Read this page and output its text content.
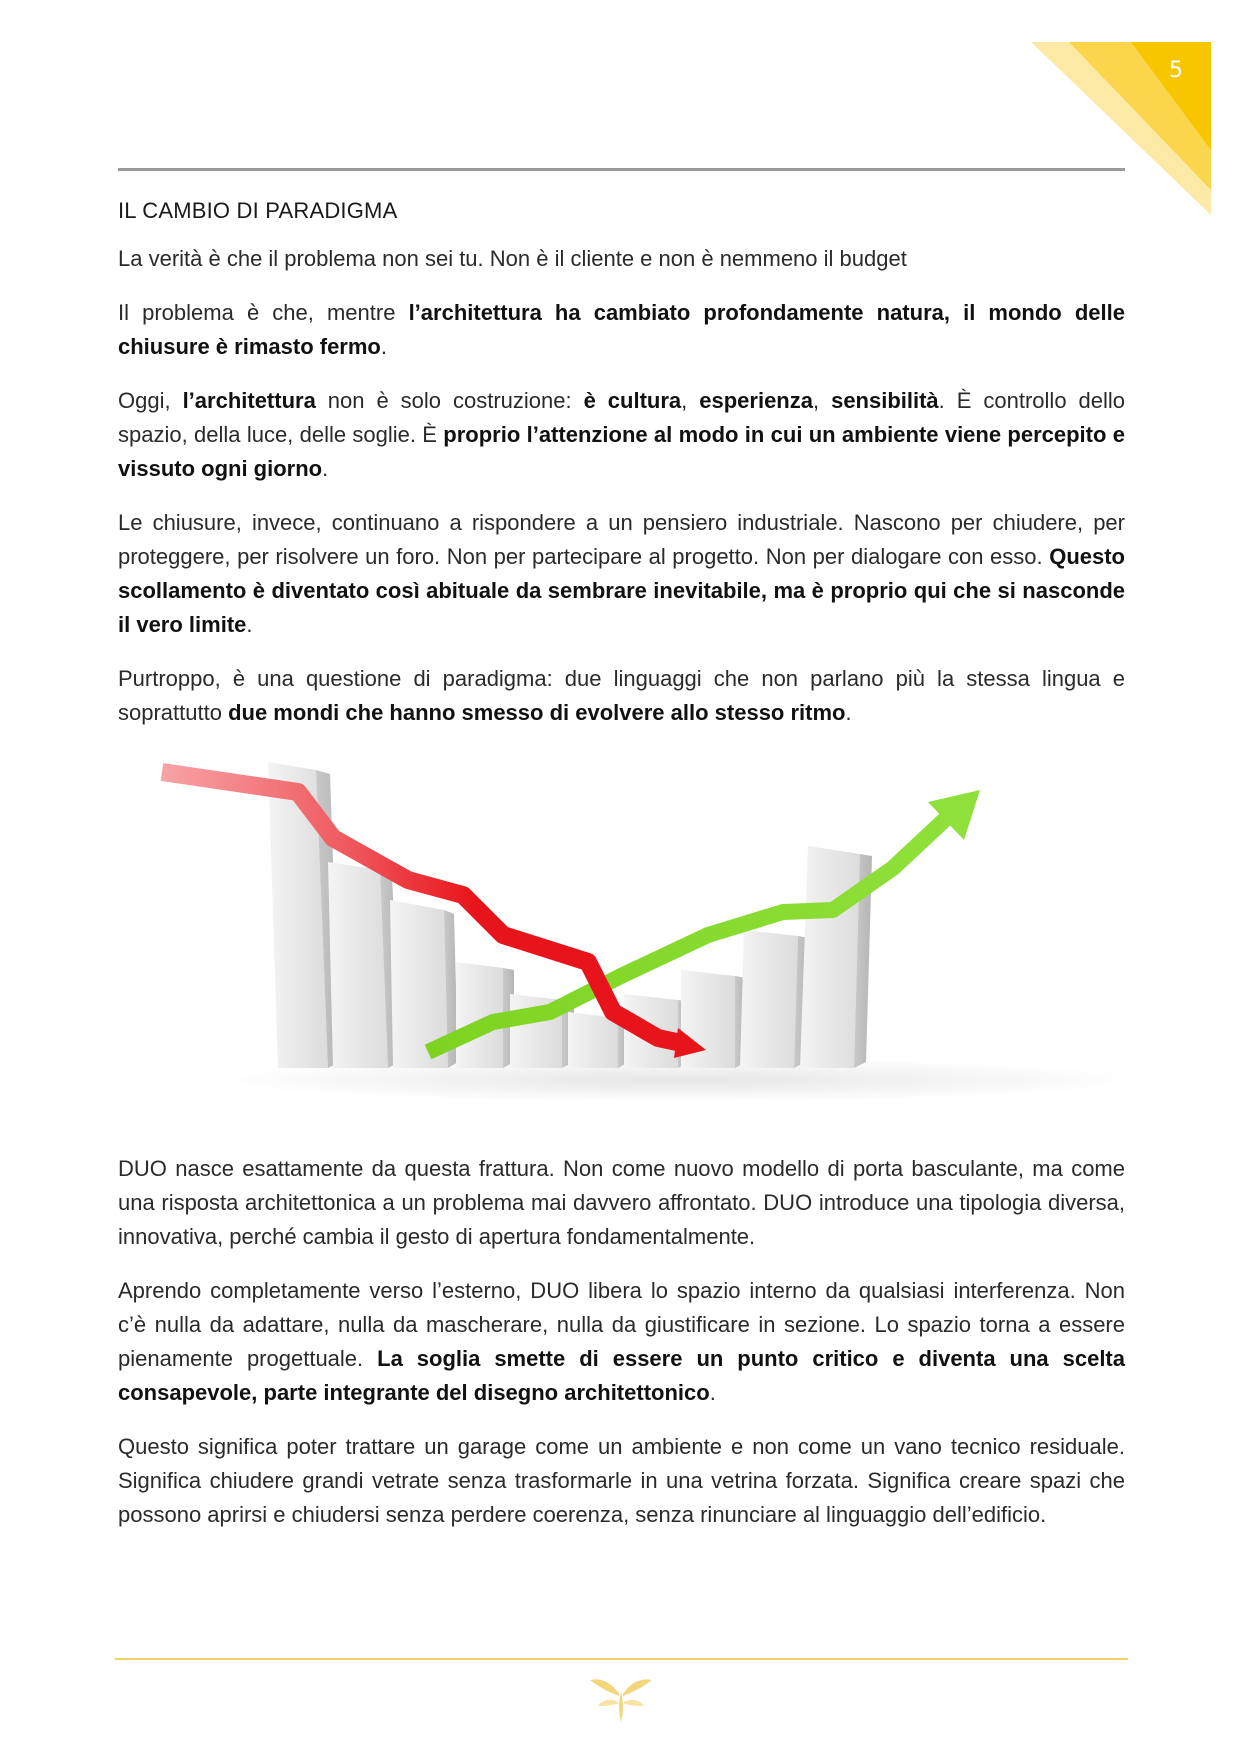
5
IL CAMBIO DI PARADIGMA

La verità è che il problema non sei tu. Non è il cliente e non è nemmeno il budget

Il problema è che, mentre l’architettura ha cambiato profondamente natura, il mondo delle chiusure è rimasto fermo.

Oggi, l’architettura non è solo costruzione: è cultura, esperienza, sensibilità. È controllo dello spazio, della luce, delle soglie. È proprio l’attenzione al modo in cui un ambiente viene percepito e vissuto ogni giorno.

Le chiusure, invece, continuano a rispondere a un pensiero industriale. Nascono per chiudere, per proteggere, per risolvere un foro. Non per partecipare al progetto. Non per dialogare con esso. Questo scollamento è diventato così abituale da sembrare inevitabile, ma è proprio qui che si nasconde il vero limite.

Purtroppo, è una questione di paradigma: due linguaggi che non parlano più la stessa lingua e soprattutto due mondi che hanno smesso di evolvere allo stesso ritmo.

DUO nasce esattamente da questa frattura. Non come nuovo modello di porta basculante, ma come una risposta architettonica a un problema mai davvero affrontato. DUO introduce una tipologia diversa, innovativa, perché cambia il gesto di apertura fondamentalmente.

Aprendo completamente verso l’esterno, DUO libera lo spazio interno da qualsiasi interferenza. Non c’è nulla da adattare, nulla da mascherare, nulla da giustificare in sezione. Lo spazio torna a essere pienamente progettuale. La soglia smette di essere un punto critico e diventa una scelta consapevole, parte integrante del disegno architettonico.

Questo significa poter trattare un garage come un ambiente e non come un vano tecnico residuale. Significa chiudere grandi vetrate senza trasformarle in una vetrina forzata. Significa creare spazi che possono aprirsi e chiudersi senza perdere coerenza, senza rinunciare al linguaggio dell’edificio.
